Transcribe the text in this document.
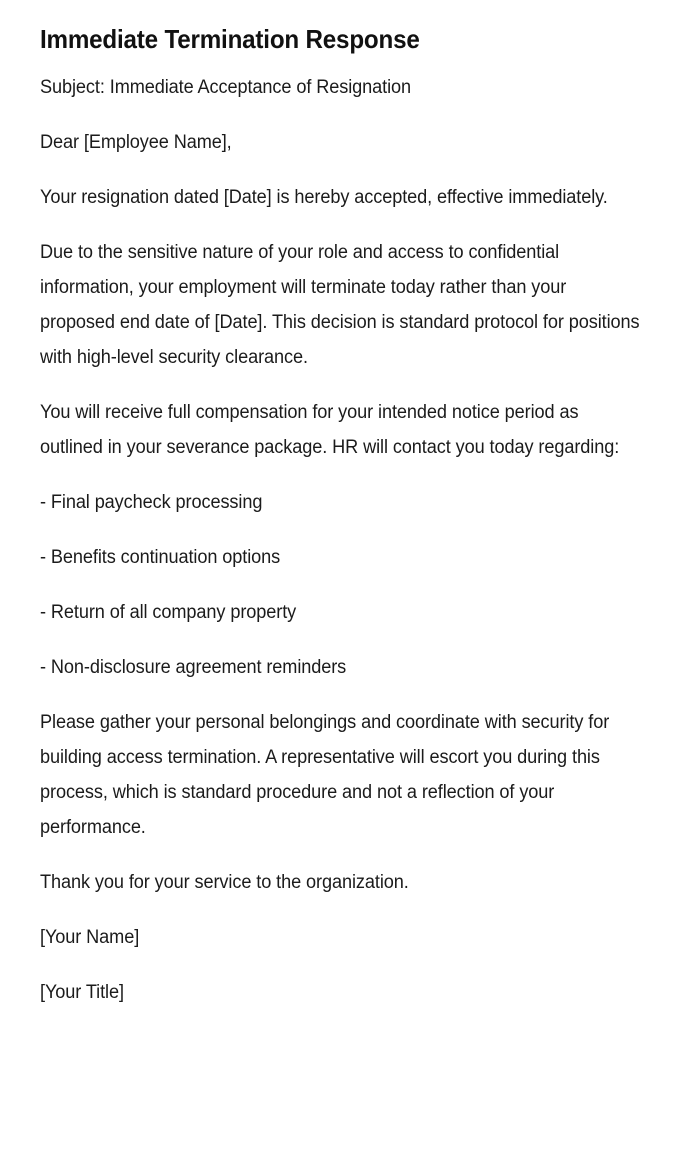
Immediate Termination Response

Subject: Immediate Acceptance of Resignation

Dear [Employee Name],

Your resignation dated [Date] is hereby accepted, effective immediately.

Due to the sensitive nature of your role and access to confidential information, your employment will terminate today rather than your proposed end date of [Date]. This decision is standard protocol for positions with high-level security clearance.

You will receive full compensation for your intended notice period as outlined in your severance package. HR will contact you today regarding:

- Final paycheck processing

- Benefits continuation options

- Return of all company property

- Non-disclosure agreement reminders

Please gather your personal belongings and coordinate with security for building access termination. A representative will escort you during this process, which is standard procedure and not a reflection of your performance.

Thank you for your service to the organization.

[Your Name]

[Your Title]
